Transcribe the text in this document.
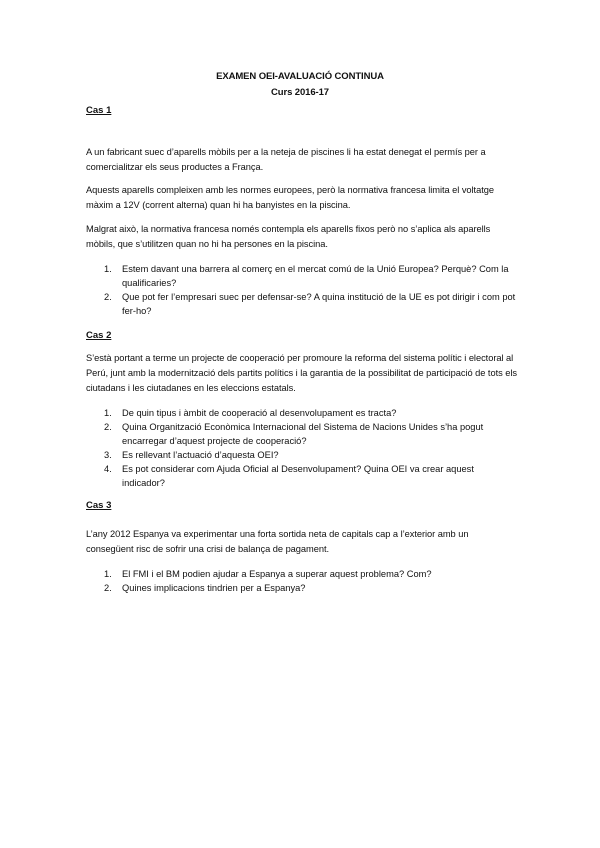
EXAMEN OEI-AVALUACIÓ CONTINUA
Curs 2016-17
Cas 1

A un fabricant suec d’aparells mòbils per a la neteja de piscines li ha estat denegat el permís per a comercialitzar els seus productes a França.

Aquests aparells compleixen amb les normes europees, però la normativa francesa limita el voltatge màxim a 12V (corrent alterna) quan hi ha banyistes en la piscina.

Malgrat això, la normativa francesa només contempla els aparells fixos però no s’aplica als aparells mòbils, que s’utilitzen quan no hi ha persones en la piscina.

1. Estem davant una barrera al comerç en el mercat comú de la Unió Europea? Perquè? Com la qualificaries?
2. Que pot fer l’empresari suec per defensar-se? A quina institució de la UE es pot dirigir i com pot fer-ho?
Cas 2

S’està portant a terme un projecte de cooperació per promoure la reforma del sistema polític i electoral al Perú, junt amb la modernització dels partits polítics i la garantia de la possibilitat de participació de tots els ciutadans i les ciutadanes en les eleccions estatals.

1. De quin tipus i àmbit de cooperació al desenvolupament es tracta?
2. Quina Organització Econòmica Internacional del Sistema de Nacions Unides s’ha pogut encarregar d’aquest projecte de cooperació?
3. Es rellevant l’actuació d’aquesta OEI?
4. Es pot considerar com Ajuda Oficial al Desenvolupament? Quina OEI va crear aquest indicador?
Cas 3

L’any 2012 Espanya va experimentar una forta sortida neta de capitals cap a l’exterior amb un consegüent risc de sofrir una crisi de balança de pagament.

1. El FMI i el BM podien ajudar a Espanya a superar aquest problema? Com?
2. Quines implicacions tindrien per a Espanya?
